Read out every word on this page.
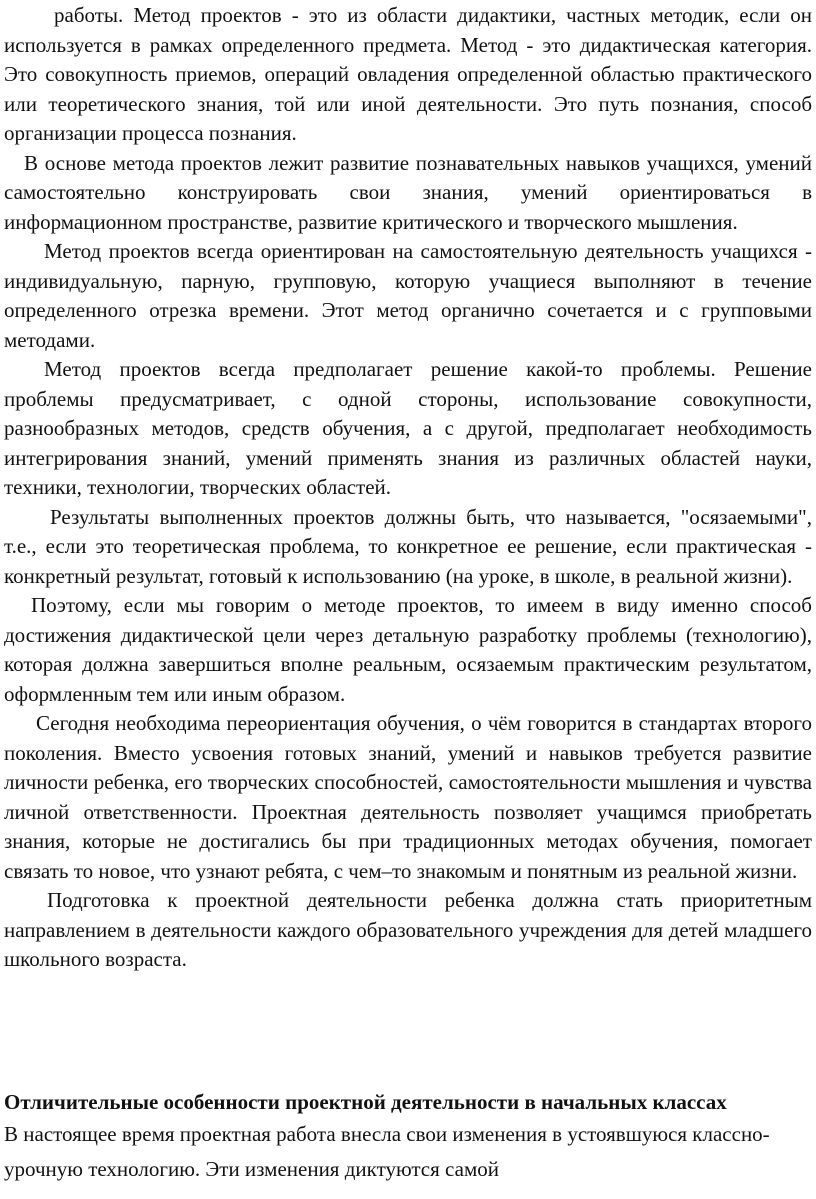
работы. Метод проектов - это из области дидактики, частных методик, если он используется в рамках определенного предмета. Метод - это дидактическая категория. Это совокупность приемов, операций овладения определенной областью практического или теоретического знания, той или иной деятельности. Это путь познания, способ организации процесса познания.

В основе метода проектов лежит развитие познавательных навыков учащихся, умений самостоятельно конструировать свои знания, умений ориентироваться в информационном пространстве, развитие критического и творческого мышления.

Метод проектов всегда ориентирован на самостоятельную деятельность учащихся - индивидуальную, парную, групповую, которую учащиеся выполняют в течение определенного отрезка времени. Этот метод органично сочетается и с групповыми методами.

Метод проектов всегда предполагает решение какой-то проблемы. Решение проблемы предусматривает, с одной стороны, использование совокупности, разнообразных методов, средств обучения, а с другой, предполагает необходимость интегрирования знаний, умений применять знания из различных областей науки, техники, технологии, творческих областей.

Результаты выполненных проектов должны быть, что называется, "осязаемыми", т.е., если это теоретическая проблема, то конкретное ее решение, если практическая - конкретный результат, готовый к использованию (на уроке, в школе, в реальной жизни).

Поэтому, если мы говорим о методе проектов, то имеем в виду именно способ достижения дидактической цели через детальную разработку проблемы (технологию), которая должна завершиться вполне реальным, осязаемым практическим результатом, оформленным тем или иным образом.

Сегодня необходима переориентация обучения, о чём говорится в стандартах второго поколения. Вместо усвоения готовых знаний, умений и навыков требуется развитие личности ребенка, его творческих способностей, самостоятельности мышления и чувства личной ответственности. Проектная деятельность позволяет учащимся приобретать знания, которые не достигались бы при традиционных методах обучения, помогает связать то новое, что узнают ребята, с чем–то знакомым и понятным из реальной жизни.

Подготовка к проектной деятельности ребенка должна стать приоритетным направлением в деятельности каждого образовательного учреждения для детей младшего школьного возраста.

Отличительные особенности проектной деятельности в начальных классах

В настоящее время проектная работа внесла свои изменения в устоявшуюся классно-урочную технологию. Эти изменения диктуются самой
